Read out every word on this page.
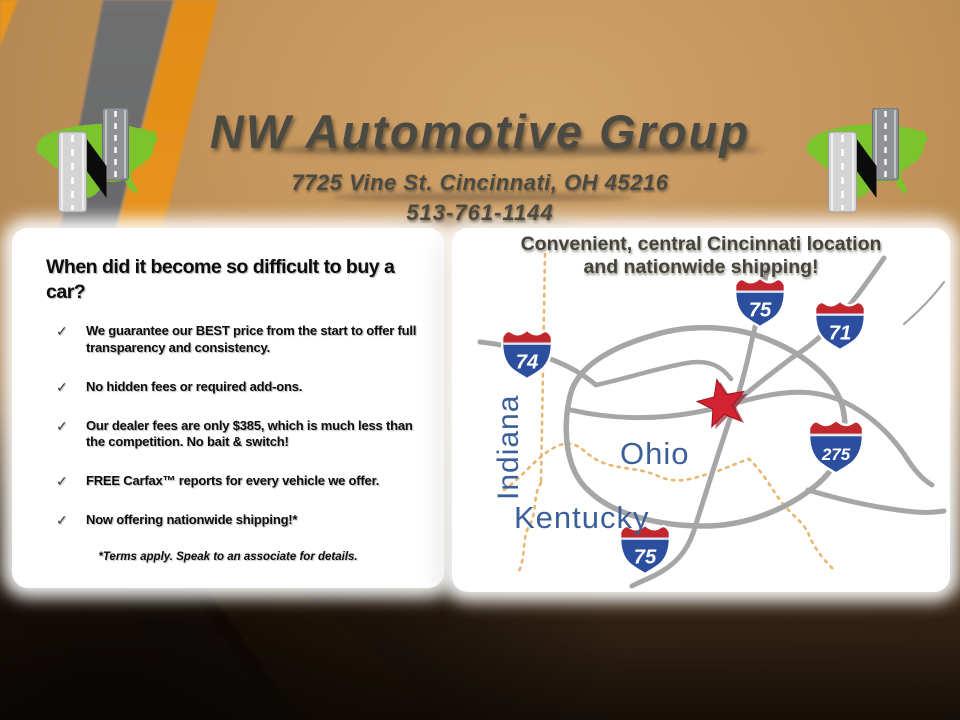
NW Automotive Group
7725 Vine St. Cincinnati, OH 45216
513-761-1144
When did it become so difficult to buy a car?
✓ We guarantee our BEST price from the start to offer full transparency and consistency.
✓ No hidden fees or required add-ons.
✓ Our dealer fees are only $385, which is much less than the competition. No bait & switch!
✓ FREE Carfax™ reports for every vehicle we offer.
✓ Now offering nationwide shipping!*
*Terms apply. Speak to an associate for details.
Convenient, central Cincinnati location
and nationwide shipping!
75
71
74
275
75
Indiana	Ohio
Kentucky
